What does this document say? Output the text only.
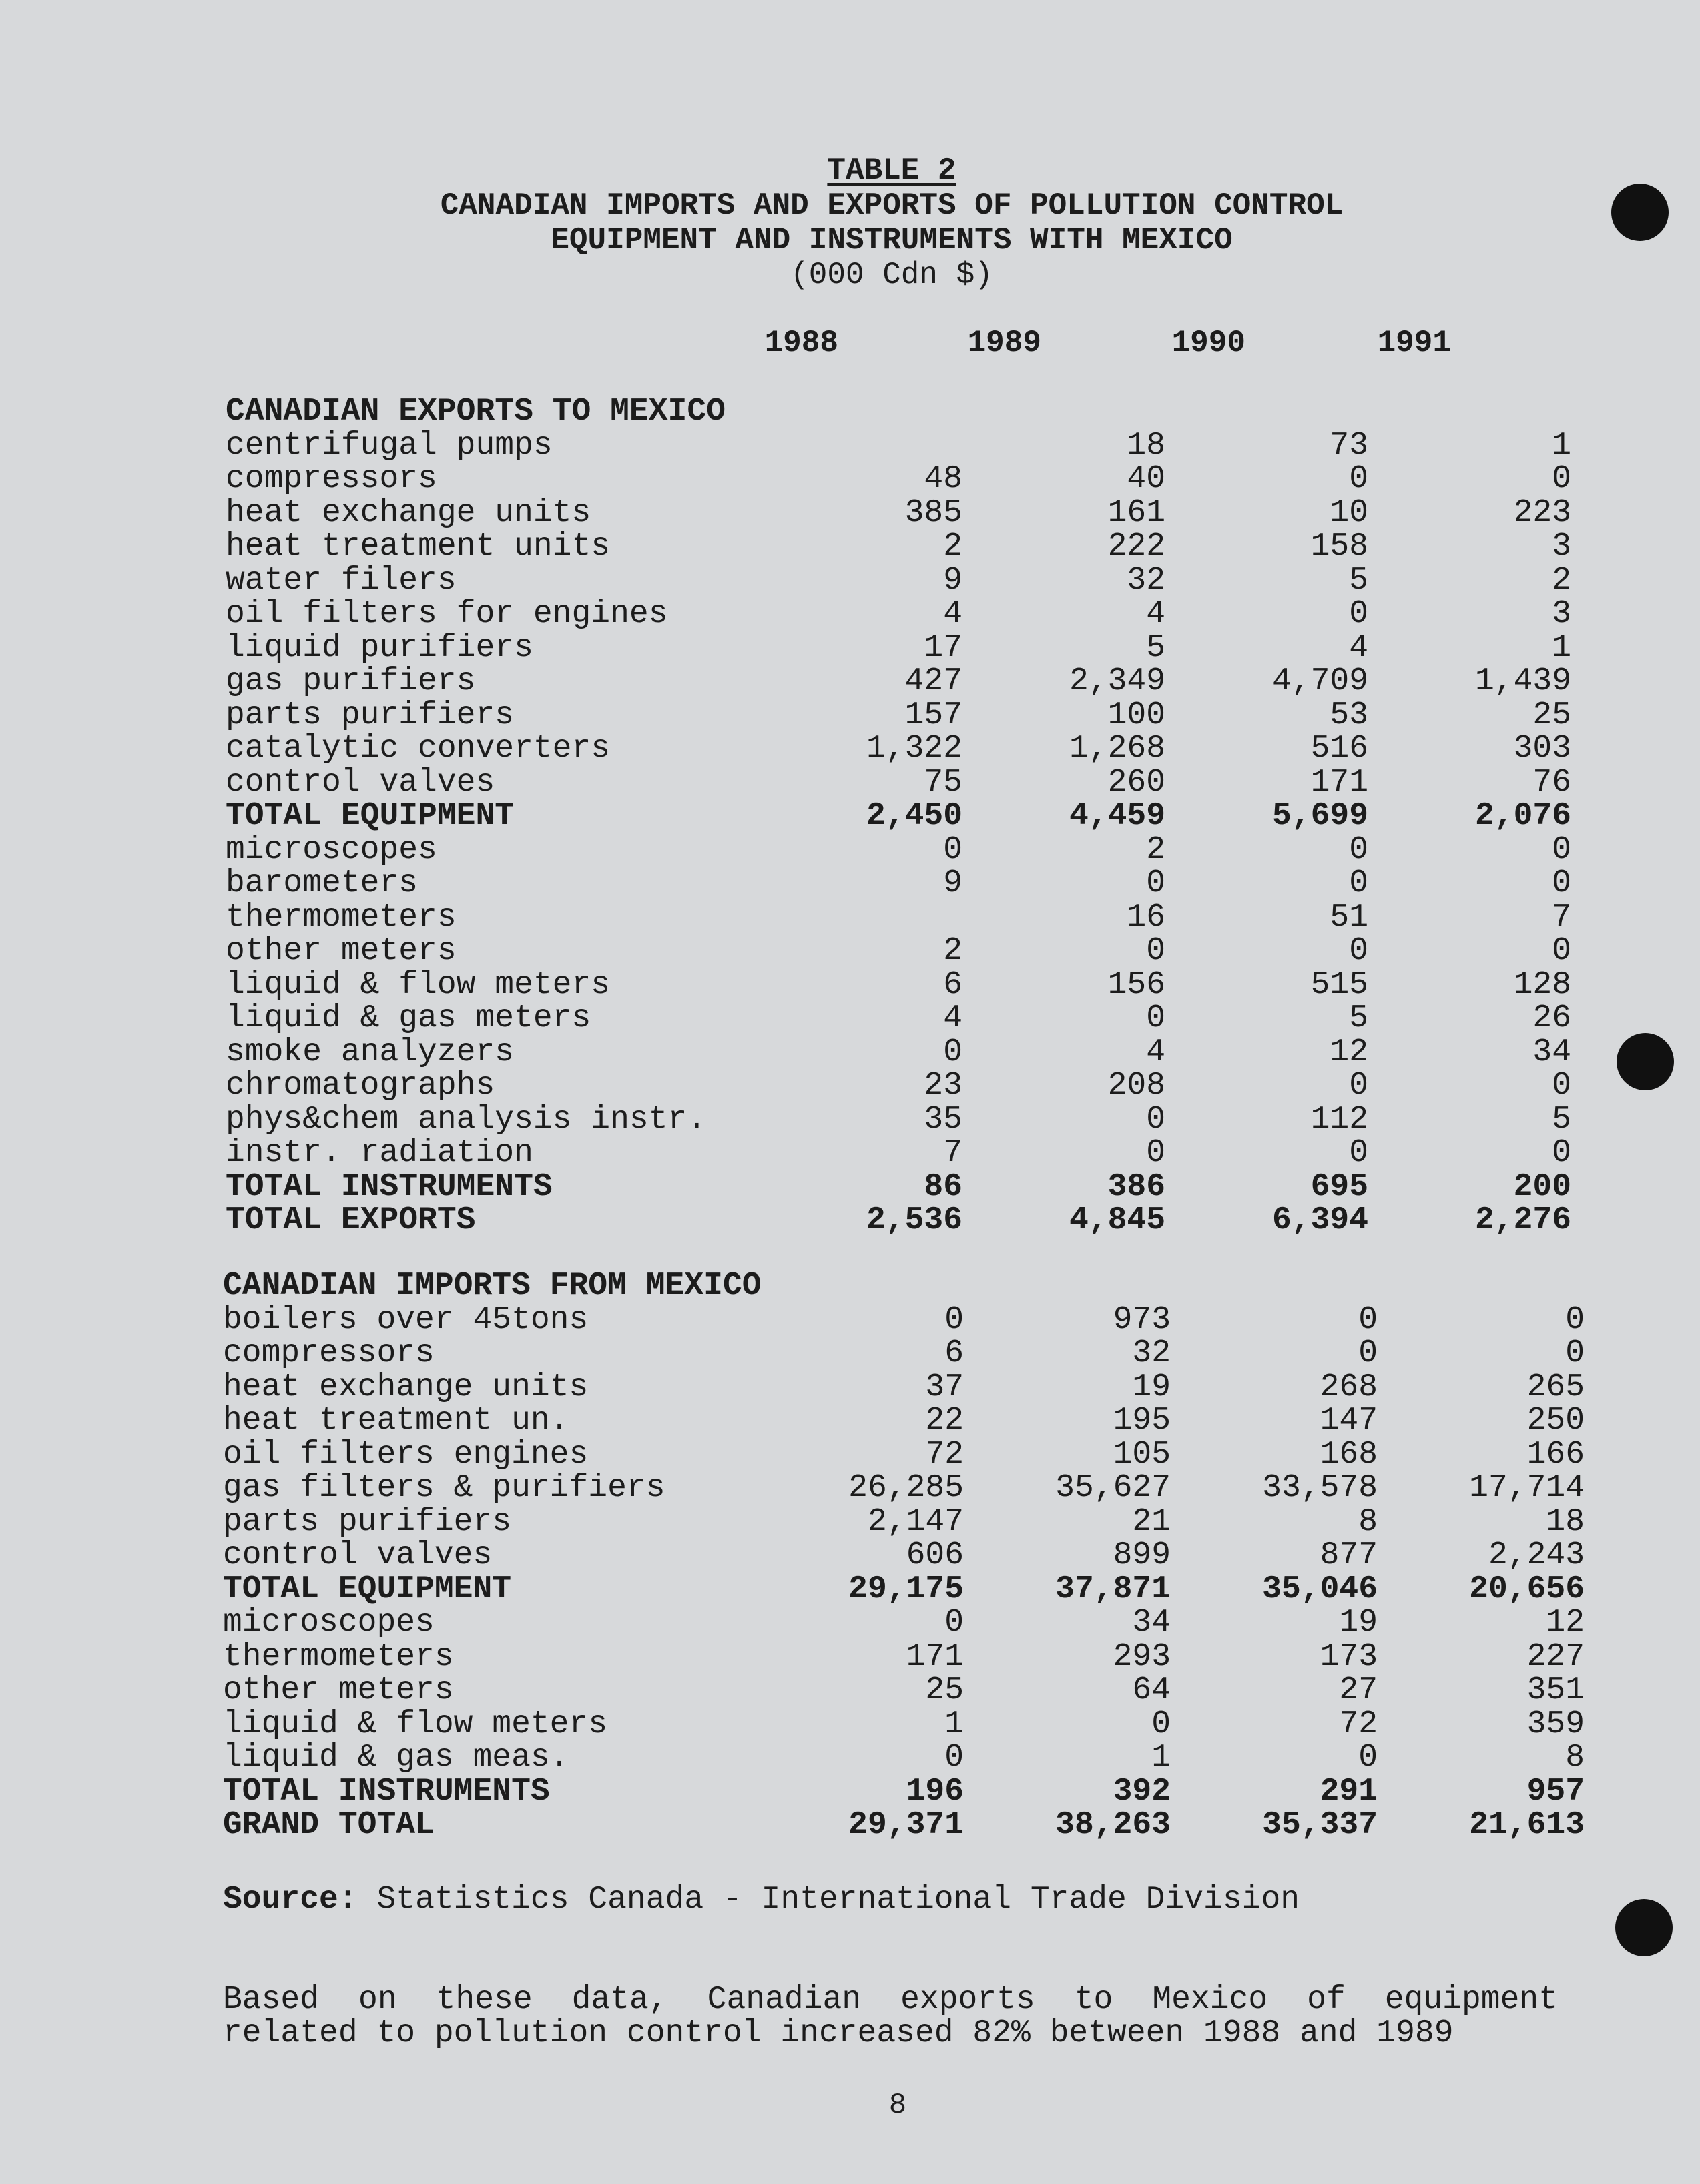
TABLE 2
CANADIAN IMPORTS AND EXPORTS OF POLLUTION CONTROL
EQUIPMENT AND INSTRUMENTS WITH MEXICO
(000 Cdn $)
1988	1989	1990	1991
CANADIAN EXPORTS TO MEXICO				
centrifugal pumps		18	73	1
compressors	48	40	0	0
heat exchange units	385	161	10	223
heat treatment units	2	222	158	3
water filers	9	32	5	2
oil filters for engines	4	4	0	3
liquid purifiers	17	5	4	1
gas purifiers	427	2,349	4,709	1,439
parts purifiers	157	100	53	25
catalytic converters	1,322	1,268	516	303
control valves	75	260	171	76
TOTAL EQUIPMENT	2,450	4,459	5,699	2,076
microscopes	0	2	0	0
barometers	9	0	0	0
thermometers		16	51	7
other meters	2	0	0	0
liquid & flow meters	6	156	515	128
liquid & gas meters	4	0	5	26
smoke analyzers	0	4	12	34
chromatographs	23	208	0	0
phys&chem analysis instr.	35	0	112	5
instr. radiation	7	0	0	0
TOTAL INSTRUMENTS	86	386	695	200
TOTAL EXPORTS	2,536	4,845	6,394	2,276
CANADIAN IMPORTS FROM MEXICO				
boilers over 45tons	0	973	0	0
compressors	6	32	0	0
heat exchange units	37	19	268	265
heat treatment un.	22	195	147	250
oil filters engines	72	105	168	166
gas filters & purifiers	26,285	35,627	33,578	17,714
parts purifiers	2,147	21	8	18
control valves	606	899	877	2,243
TOTAL EQUIPMENT	29,175	37,871	35,046	20,656
microscopes	0	34	19	12
thermometers	171	293	173	227
other meters	25	64	27	351
liquid & flow meters	1	0	72	359
liquid & gas meas.	0	1	0	8
TOTAL INSTRUMENTS	196	392	291	957
GRAND TOTAL	29,371	38,263	35,337	21,613
Source: Statistics Canada - International Trade Division
Based on these data, Canadian exports to Mexico of equipment
related to pollution control increased 82% between 1988 and 1989
8
